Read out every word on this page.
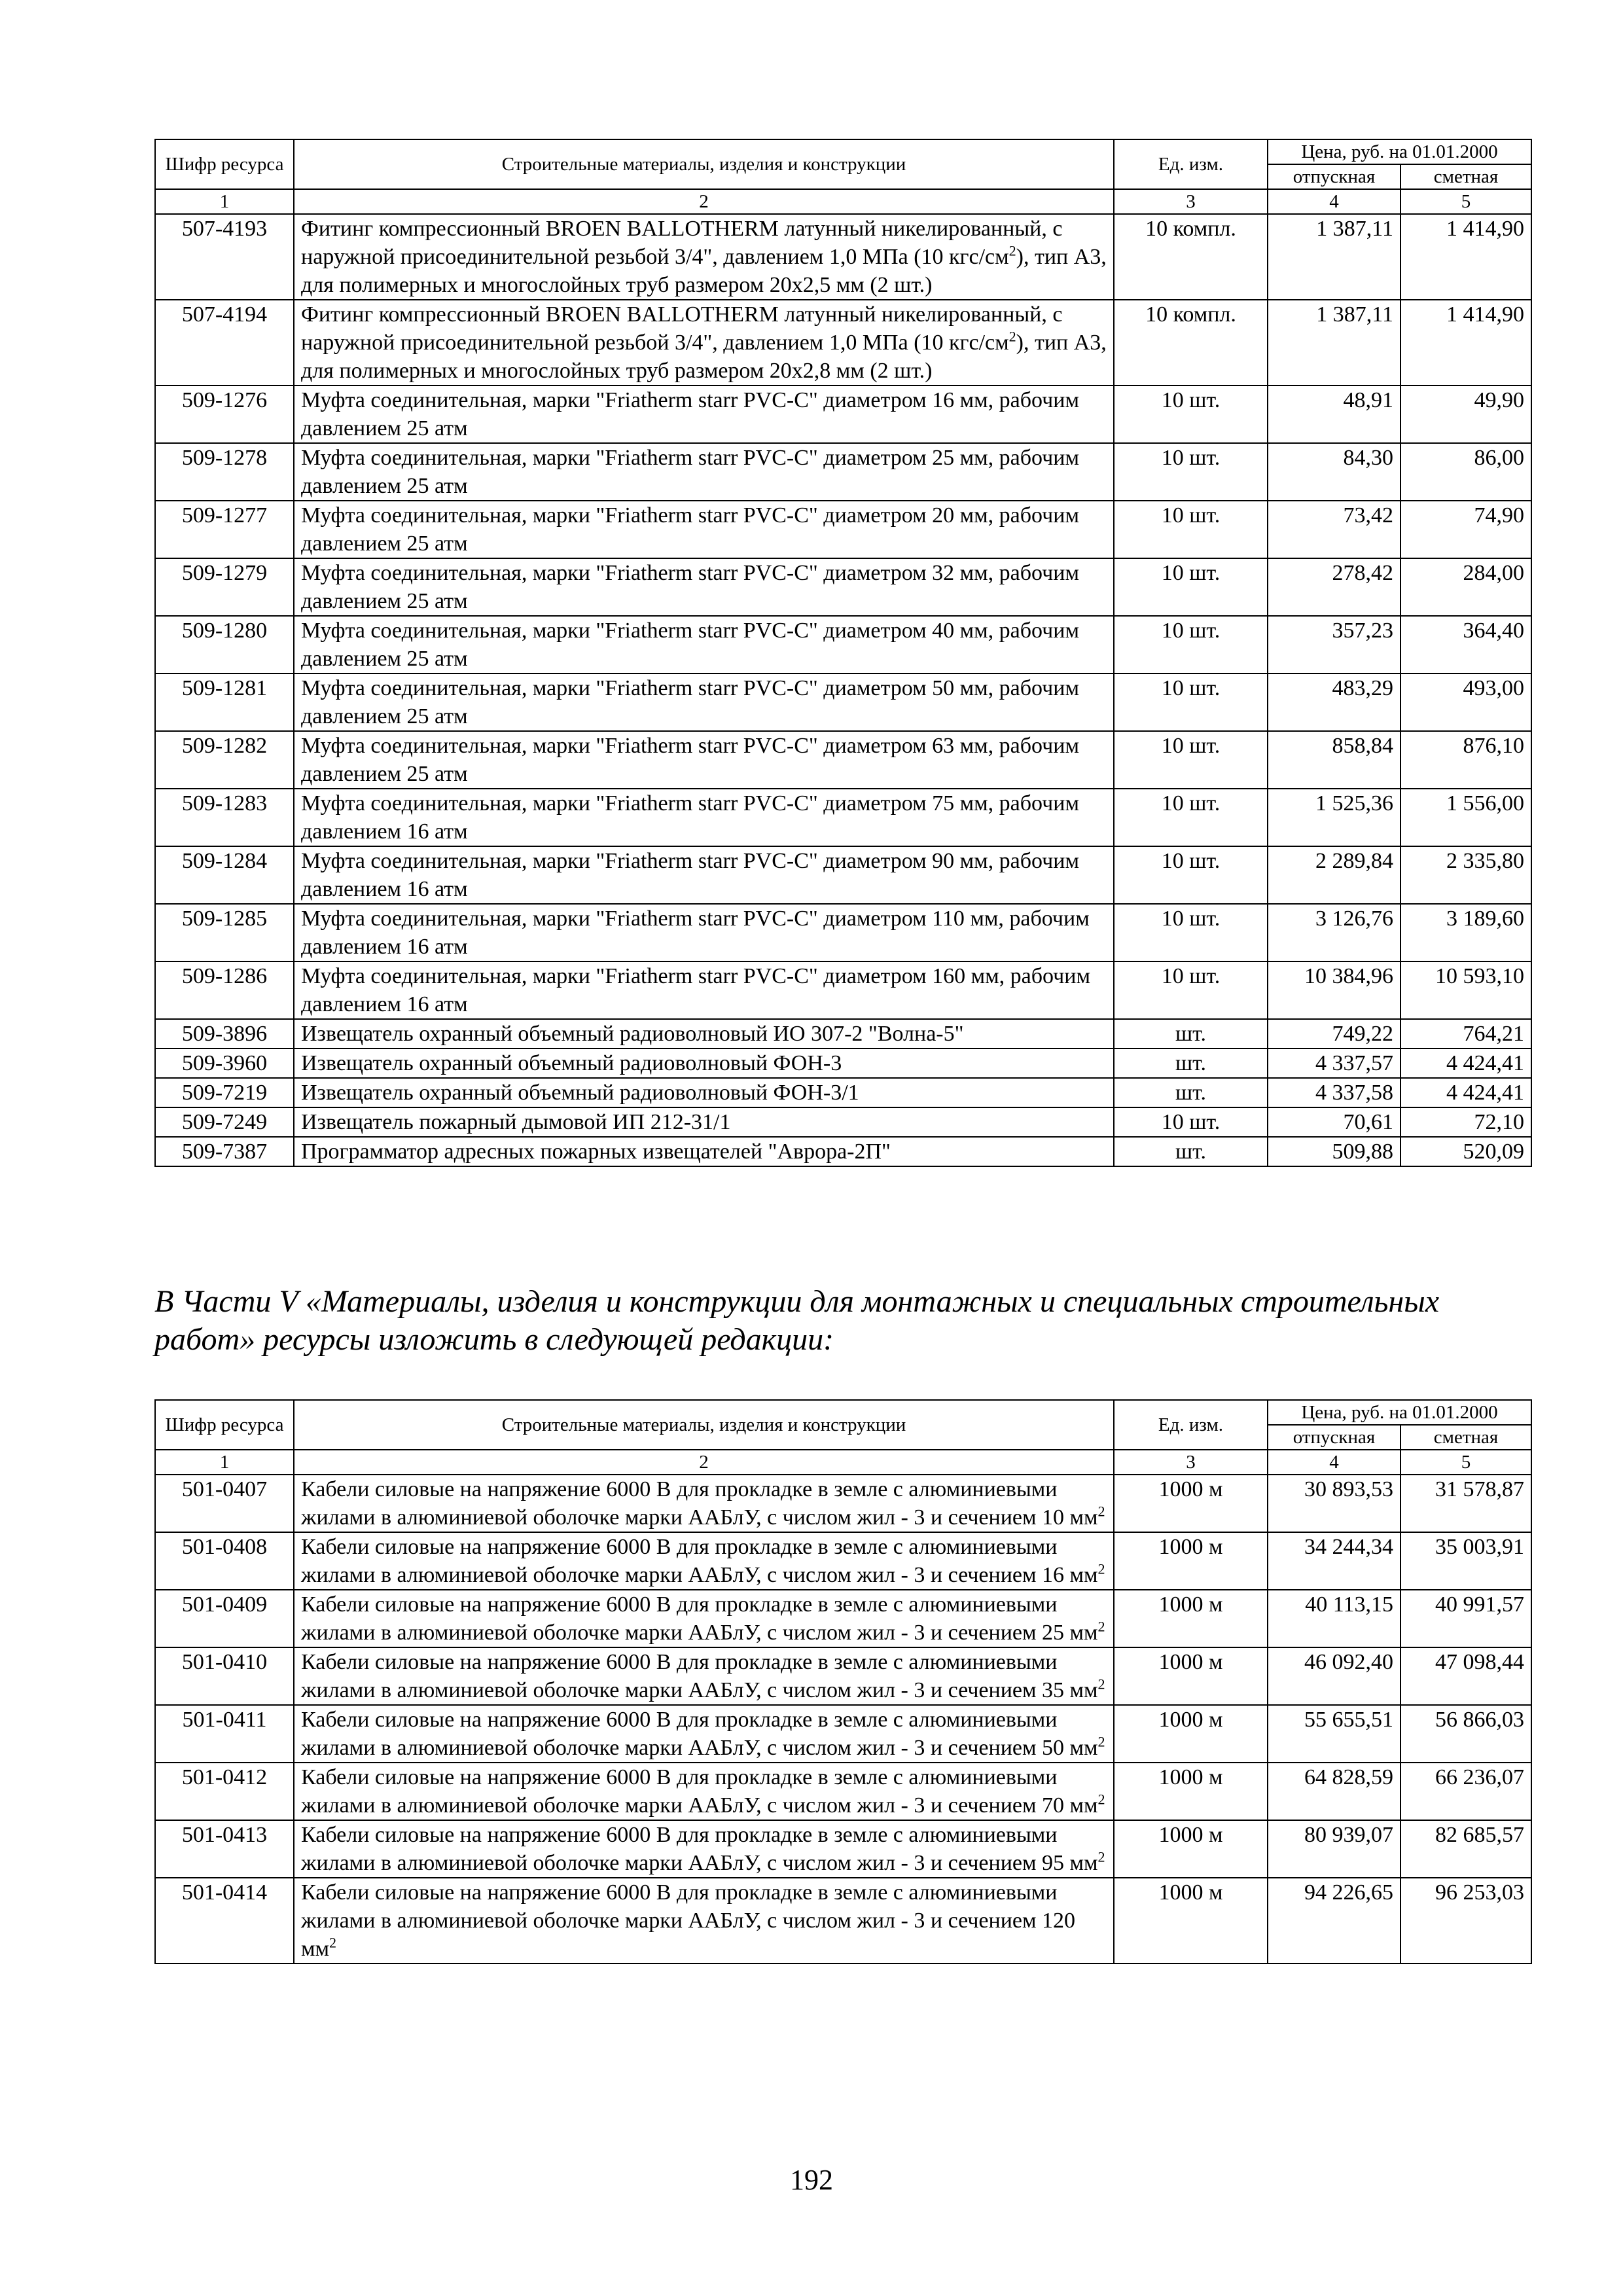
Шифр ресурса	Строительные материалы, изделия и конструкции	Ед. изм.	Цена, руб. на 01.01.2000	
			отпускная	сметная
1	2	3	4	5
507-4193	Фитинг компрессионный BROEN BALLOTHERM латунный никелированный, с наружной присоединительной резьбой 3/4", давлением 1,0 МПа (10 кгс/$см^2$), тип А3, для полимерных и многослойных труб размером 20х2,5 мм (2 шт.)	10 компл.	1 387,11	1 414,90
507-4194	Фитинг компрессионный BROEN BALLOTHERM латунный никелированный, с наружной присоединительной резьбой 3/4", давлением 1,0 МПа (10 кгс/$см^2$), тип А3, для полимерных и многослойных труб размером 20х2,8 мм (2 шт.)	10 компл.	1 387,11	1 414,90
509-1276	Муфта соединительная, марки "Friatherm starr PVC-C" диаметром 16 мм, рабочим давлением 25 атм	10 шт.	48,91	49,90
509-1278	Муфта соединительная, марки "Friatherm starr PVC-C" диаметром 25 мм, рабочим давлением 25 атм	10 шт.	84,30	86,00
509-1277	Муфта соединительная, марки "Friatherm starr PVC-C" диаметром 20 мм, рабочим давлением 25 атм	10 шт.	73,42	74,90
509-1279	Муфта соединительная, марки "Friatherm starr PVC-C" диаметром 32 мм, рабочим давлением 25 атм	10 шт.	278,42	284,00
509-1280	Муфта соединительная, марки "Friatherm starr PVC-C" диаметром 40 мм, рабочим давлением 25 атм	10 шт.	357,23	364,40
509-1281	Муфта соединительная, марки "Friatherm starr PVC-C" диаметром 50 мм, рабочим давлением 25 атм	10 шт.	483,29	493,00
509-1282	Муфта соединительная, марки "Friatherm starr PVC-C" диаметром 63 мм, рабочим давлением 25 атм	10 шт.	858,84	876,10
509-1283	Муфта соединительная, марки "Friatherm starr PVC-C" диаметром 75 мм, рабочим давлением 16 атм	10 шт.	1 525,36	1 556,00
509-1284	Муфта соединительная, марки "Friatherm starr PVC-C" диаметром 90 мм, рабочим давлением 16 атм	10 шт.	2 289,84	2 335,80
509-1285	Муфта соединительная, марки "Friatherm starr PVC-C" диаметром 110 мм, рабочим давлением 16 атм	10 шт.	3 126,76	3 189,60
509-1286	Муфта соединительная, марки "Friatherm starr PVC-C" диаметром 160 мм, рабочим давлением 16 атм	10 шт.	10 384,96	10 593,10
509-3896	Извещатель охранный объемный радиоволновый ИО 307-2 "Волна-5"	шт.	749,22	764,21
509-3960	Извещатель охранный объемный радиоволновый ФОН-3	шт.	4 337,57	4 424,41
509-7219	Извещатель охранный объемный радиоволновый ФОН-3/1	шт.	4 337,58	4 424,41
509-7249	Извещатель пожарный дымовой ИП 212-31/1	10 шт.	70,61	72,10
509-7387	Программатор адресных пожарных извещателей "Аврора-2П"	шт.	509,88	520,09
В Части V «Материалы, изделия и конструкции для монтажных и специальных строительных работ» ресурсы изложить в следующей редакции:
Шифр ресурса	Строительные материалы, изделия и конструкции	Ед. изм.	Цена, руб. на 01.01.2000	
			отпускная	сметная
1	2	3	4	5
501-0407	Кабели силовые на напряжение 6000 В для прокладке в земле с алюминиевыми жилами в алюминиевой оболочке марки ААБлУ, с числом жил - 3 и сечением 10 $мм^2$	1000 м	30 893,53	31 578,87
501-0408	Кабели силовые на напряжение 6000 В для прокладке в земле с алюминиевыми жилами в алюминиевой оболочке марки ААБлУ, с числом жил - 3 и сечением 16 $мм^2$	1000 м	34 244,34	35 003,91
501-0409	Кабели силовые на напряжение 6000 В для прокладке в земле с алюминиевыми жилами в алюминиевой оболочке марки ААБлУ, с числом жил - 3 и сечением 25 $мм^2$	1000 м	40 113,15	40 991,57
501-0410	Кабели силовые на напряжение 6000 В для прокладке в земле с алюминиевыми жилами в алюминиевой оболочке марки ААБлУ, с числом жил - 3 и сечением 35 $мм^2$	1000 м	46 092,40	47 098,44
501-0411	Кабели силовые на напряжение 6000 В для прокладке в земле с алюминиевыми жилами в алюминиевой оболочке марки ААБлУ, с числом жил - 3 и сечением 50 $мм^2$	1000 м	55 655,51	56 866,03
501-0412	Кабели силовые на напряжение 6000 В для прокладке в земле с алюминиевыми жилами в алюминиевой оболочке марки ААБлУ, с числом жил - 3 и сечением 70 $мм^2$	1000 м	64 828,59	66 236,07
501-0413	Кабели силовые на напряжение 6000 В для прокладке в земле с алюминиевыми жилами в алюминиевой оболочке марки ААБлУ, с числом жил - 3 и сечением 95 $мм^2$	1000 м	80 939,07	82 685,57
501-0414	Кабели силовые на напряжение 6000 В для прокладке в земле с алюминиевыми жилами в алюминиевой оболочке марки ААБлУ, с числом жил - 3 и сечением 120 $мм^2$	1000 м	94 226,65	96 253,03
192
